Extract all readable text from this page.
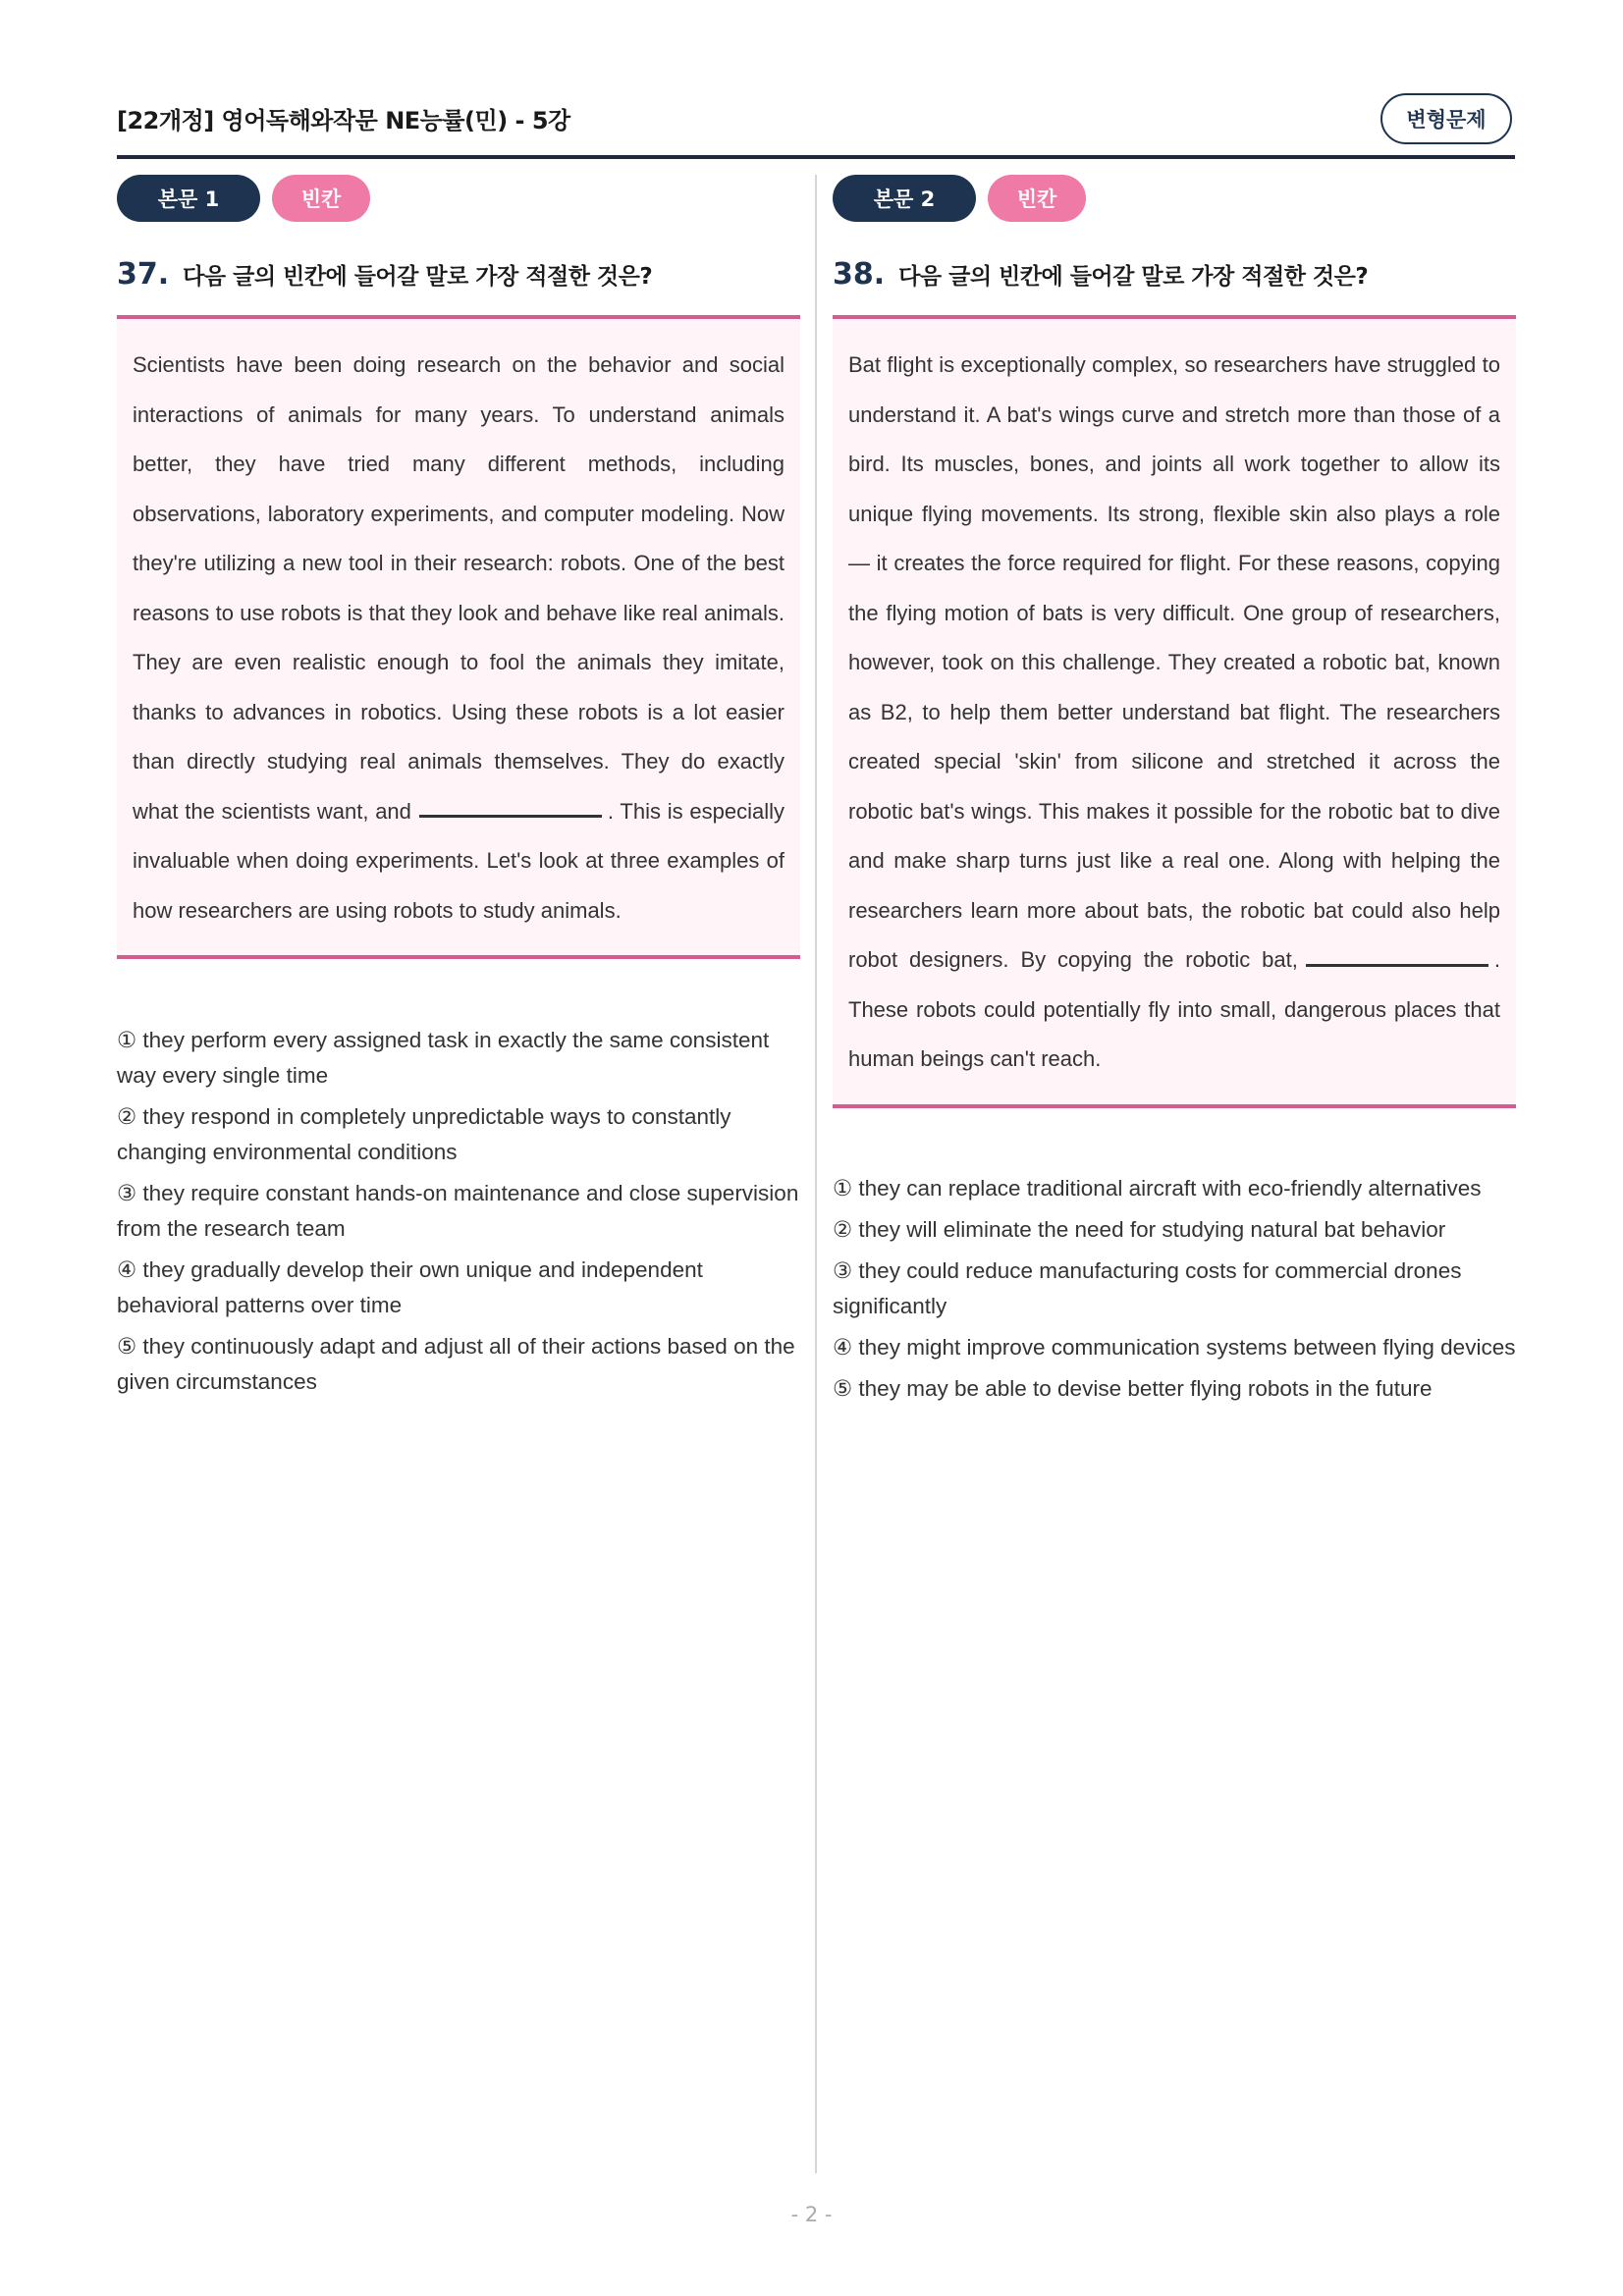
[22개정] 영어독해와작문 NE능률(민) - 5강	변형문제
본문 1	빈칸
37. 다음 글의 빈칸에 들어갈 말로 가장 적절한 것은?

Scientists have been doing research on the behavior and social interactions of animals for many years. To understand animals better, they have tried many different methods, including observations, laboratory experiments, and computer modeling. Now they're utilizing a new tool in their research: robots. One of the best reasons to use robots is that they look and behave like real animals. They are even realistic enough to fool the animals they imitate, thanks to advances in robotics. Using these robots is a lot easier than directly studying real animals themselves. They do exactly what the scientists want, and	. This is especially invaluable when doing experiments. Let's look at three examples of how researchers are using robots to study animals.

① they perform every assigned task in exactly the same consistent way every single time
② they respond in completely unpredictable ways to constantly changing environmental conditions
③ they require constant hands-on maintenance and close supervision from the research team
④ they gradually develop their own unique and independent behavioral patterns over time
⑤ they continuously adapt and adjust all of their actions based on the given circumstances
본문 2	빈칸
38. 다음 글의 빈칸에 들어갈 말로 가장 적절한 것은?

Bat flight is exceptionally complex, so researchers have struggled to understand it. A bat's wings curve and stretch more than those of a bird. Its muscles, bones, and joints all work together to allow its unique flying movements. Its strong, flexible skin also plays a role — it creates the force required for flight. For these reasons, copying the flying motion of bats is very difficult. One group of researchers, however, took on this challenge. They created a robotic bat, known as B2, to help them better understand bat flight. The researchers created special 'skin' from silicone and stretched it across the robotic bat's wings. This makes it possible for the robotic bat to dive and make sharp turns just like a real one. Along with helping the researchers learn more about bats, the robotic bat could also help robot designers. By copying the robotic bat,	. These robots could potentially fly into small, dangerous places that human beings can't reach.

① they can replace traditional aircraft with eco-friendly alternatives
② they will eliminate the need for studying natural bat behavior
③ they could reduce manufacturing costs for commercial drones significantly
④ they might improve communication systems between flying devices
⑤ they may be able to devise better flying robots in the future
- 2 -
